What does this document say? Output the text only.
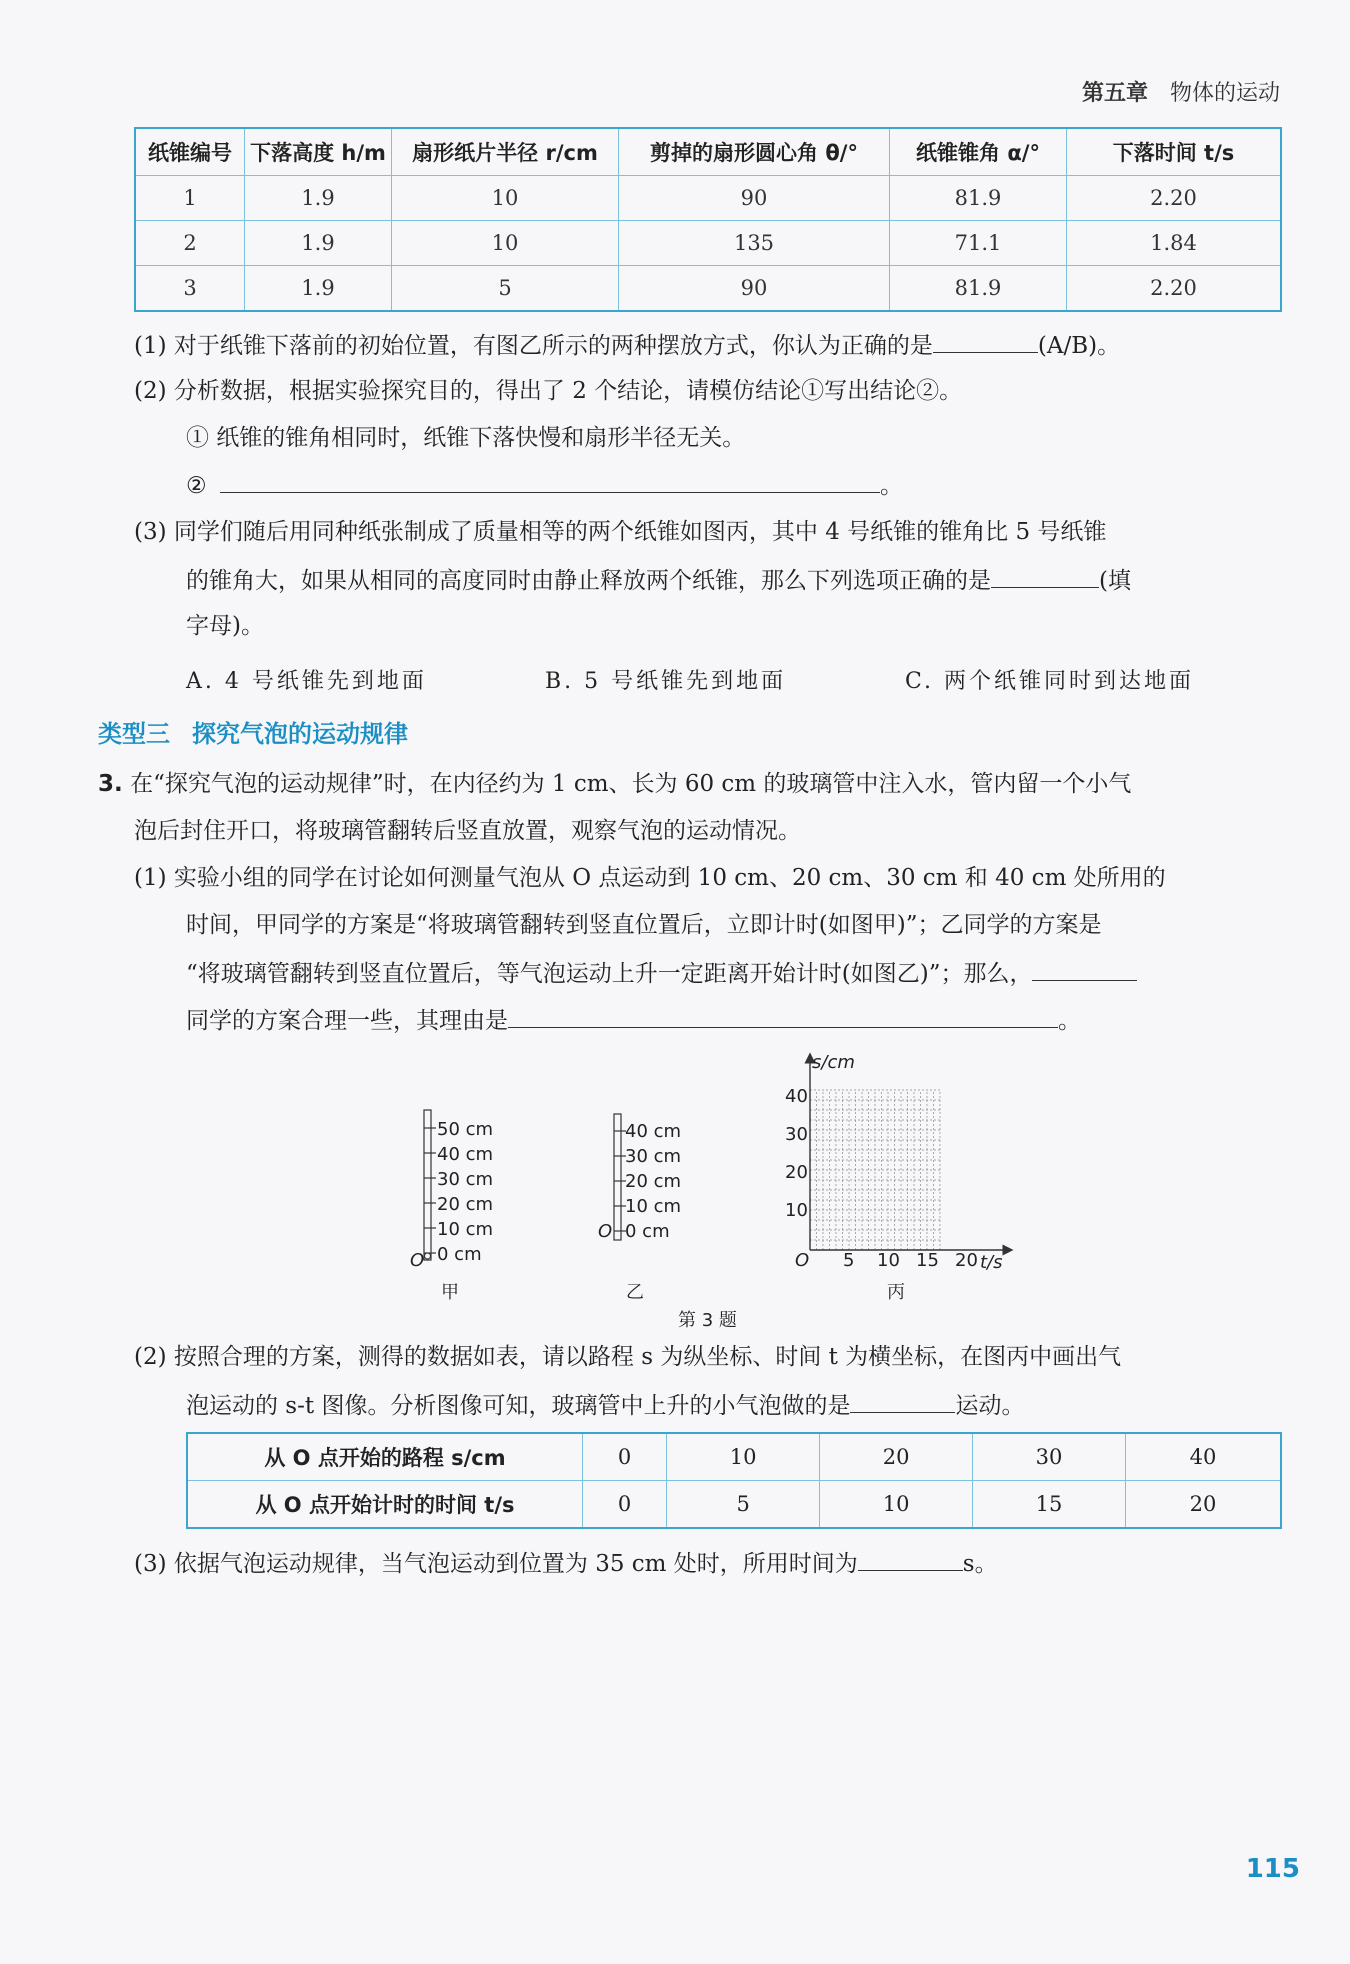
第五章 物体的运动
纸锥编号	下落高度 h/m	扇形纸片半径 r/cm	剪掉的扇形圆心角 θ/°	纸锥锥角 α/°	下落时间 t/s
1	1.9	10	90	81.9	2.20
2	1.9	10	135	71.1	1.84
3	1.9	5	90	81.9	2.20
(1) 对于纸锥下落前的初始位置，有图乙所示的两种摆放方式，你认为正确的是	(A/B)。
(2) 分析数据，根据实验探究目的，得出了 2 个结论，请模仿结论①写出结论②。
① 纸锥的锥角相同时，纸锥下落快慢和扇形半径无关。
②	。
(3) 同学们随后用同种纸张制成了质量相等的两个纸锥如图丙，其中 4 号纸锥的锥角比 5 号纸锥
的锥角大，如果从相同的高度同时由静止释放两个纸锥，那么下列选项正确的是	(填
字母)。
A. 4 号纸锥先到地面	B. 5 号纸锥先到地面	C. 两个纸锥同时到达地面
类型三 探究气泡的运动规律
3. 在“探究气泡的运动规律”时，在内径约为 1 cm、长为 60 cm 的玻璃管中注入水，管内留一个小气
泡后封住开口，将玻璃管翻转后竖直放置，观察气泡的运动情况。
(1) 实验小组的同学在讨论如何测量气泡从 O 点运动到 10 cm、20 cm、30 cm 和 40 cm 处所用的
时间，甲同学的方案是“将玻璃管翻转到竖直位置后，立即计时(如图甲)”；乙同学的方案是
“将玻璃管翻转到竖直位置后，等气泡运动上升一定距离开始计时(如图乙)”；那么，
同学的方案合理一些，其理由是	。
50 cm
40 cm
30 cm
20 cm
10 cm
0 cm
O
甲
40 cm
30 cm
20 cm
10 cm
0 cm
O
乙
s/cm
t/s
40
30
20
10
O 5 10 15 20
丙
第 3 题
(2) 按照合理的方案，测得的数据如表，请以路程 s 为纵坐标、时间 t 为横坐标，在图丙中画出气
泡运动的 s-t 图像。分析图像可知，玻璃管中上升的小气泡做的是	运动。
从 O 点开始的路程 s/cm	0	10	20	30	40
从 O 点开始计时的时间 t/s	0	5	10	15	20
(3) 依据气泡运动规律，当气泡运动到位置为 35 cm 处时，所用时间为	s。
115
